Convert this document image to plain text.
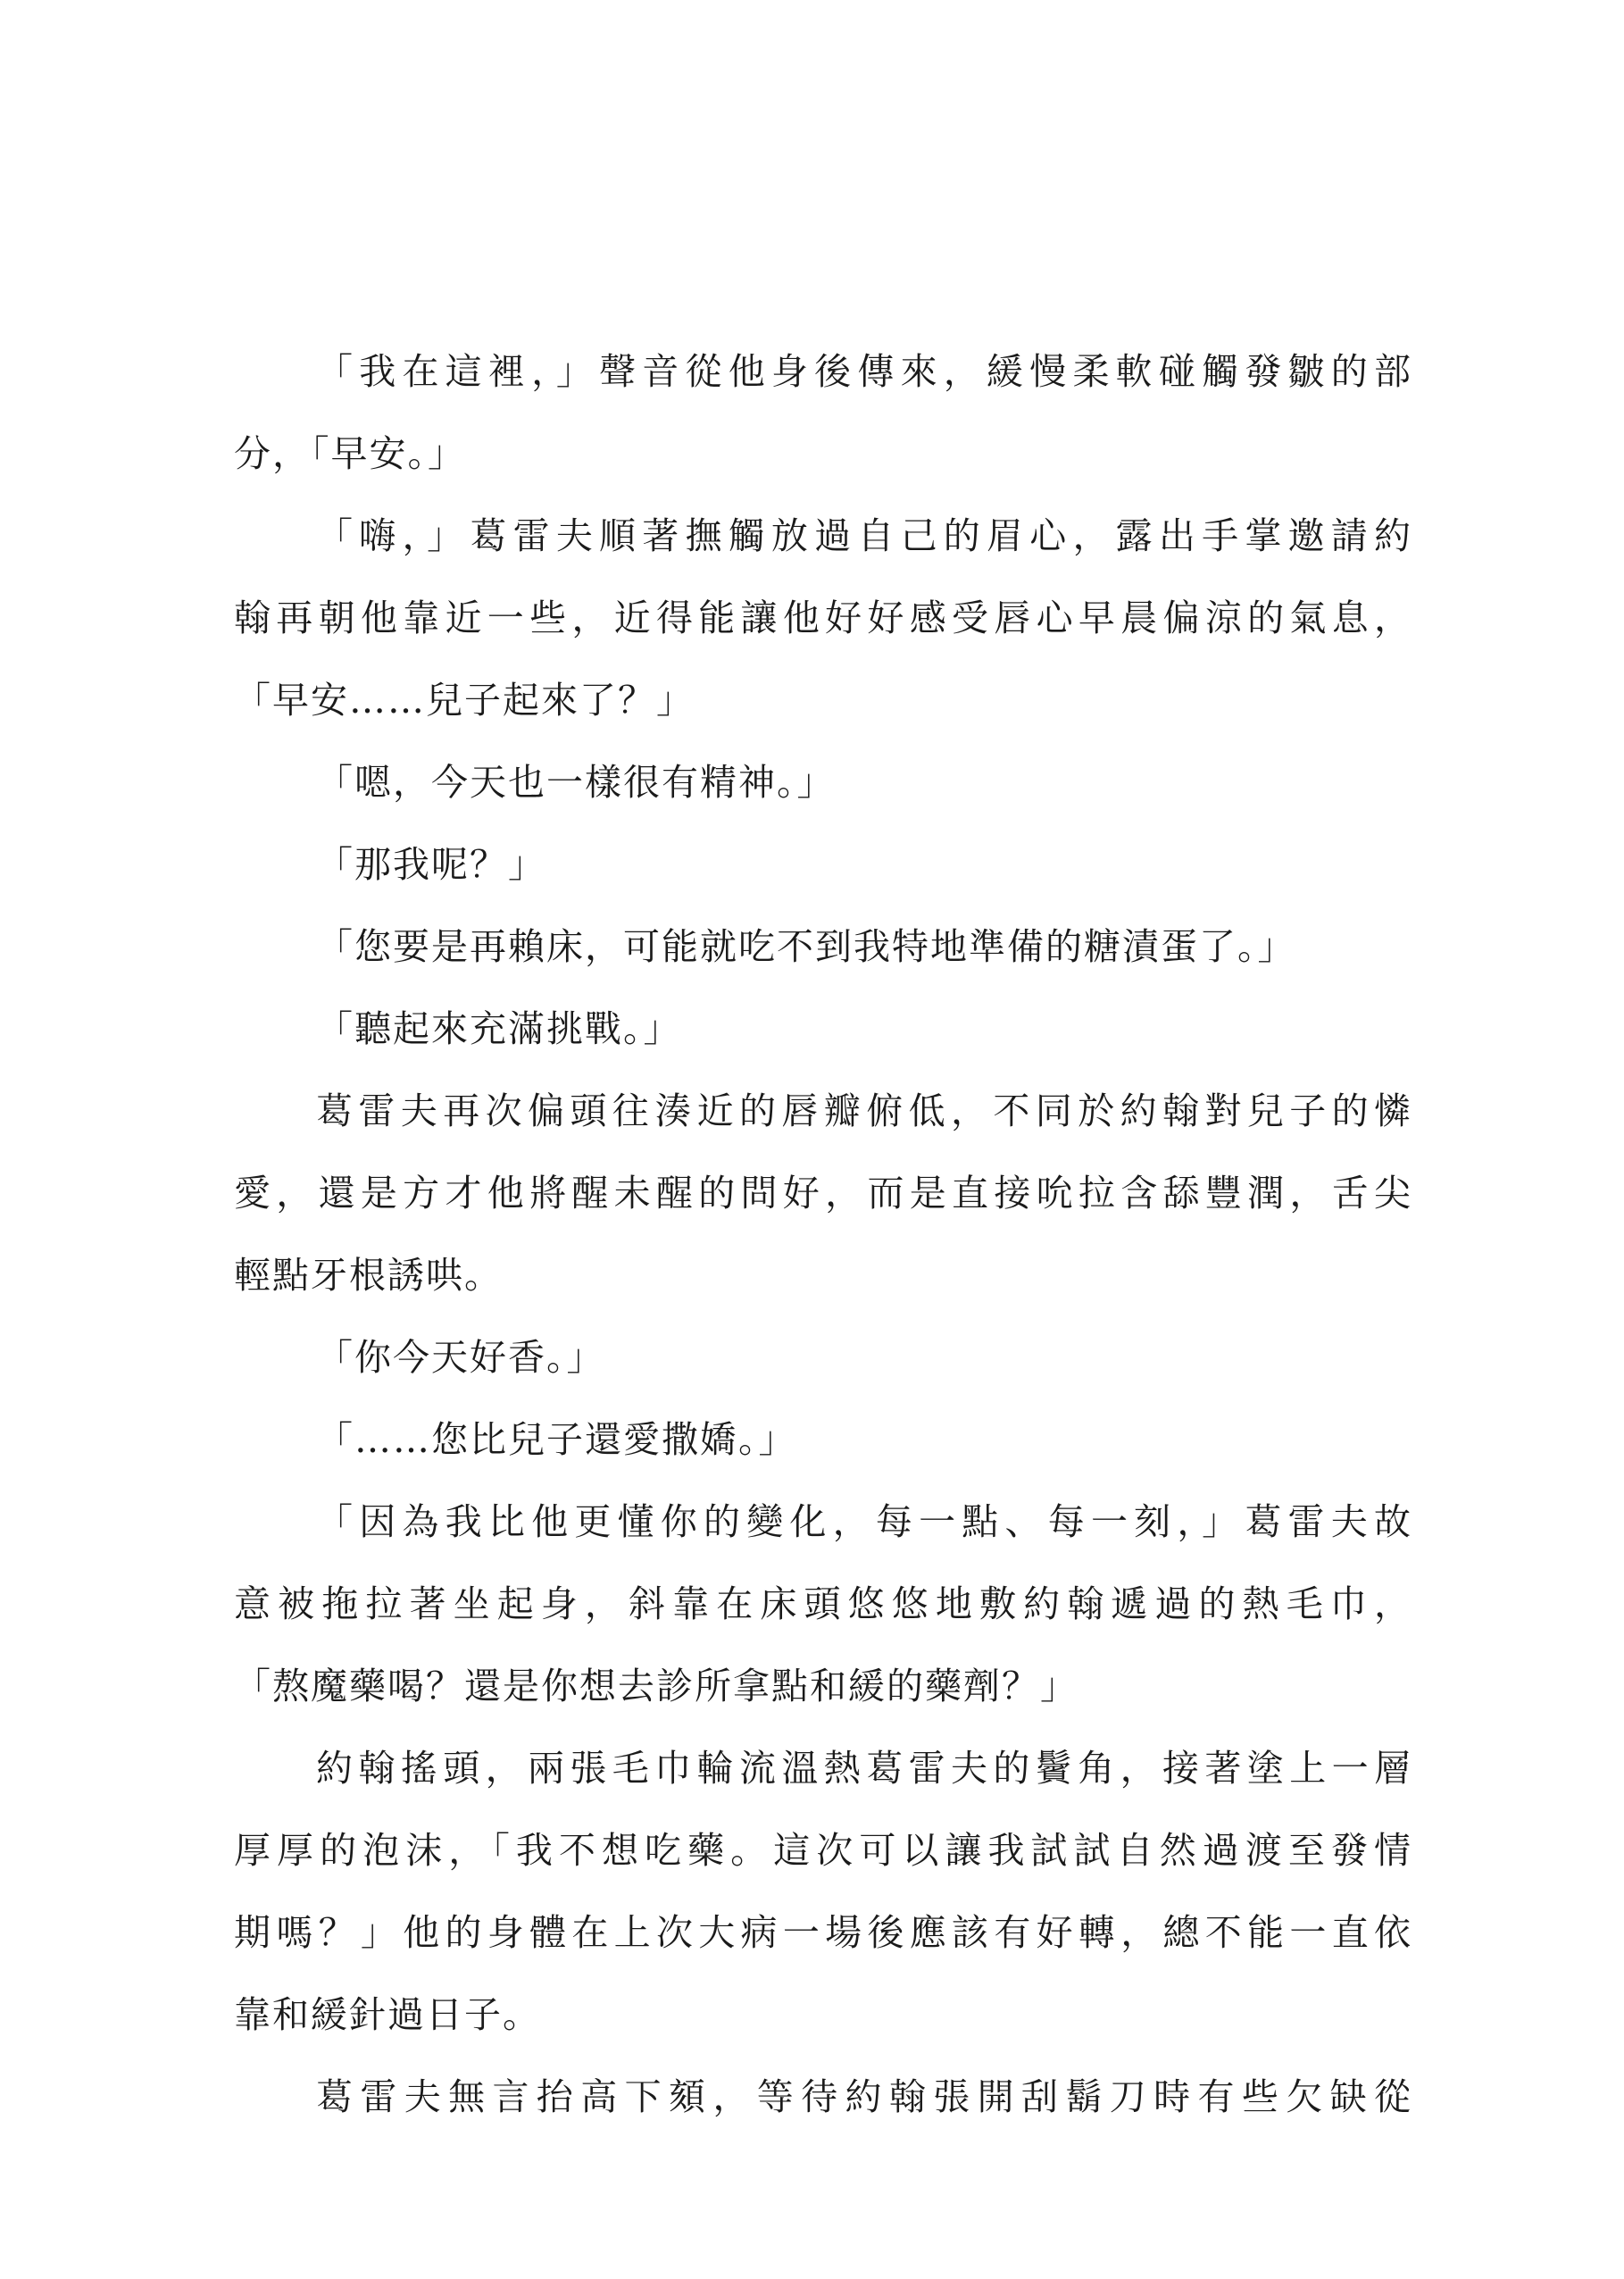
「我在這裡，」聲音從他身後傳來，緩慢柔軟碰觸發皺的部
分，「早安。」
「嗨，」葛雷夫順著撫觸放過自己的眉心，露出手掌邀請約
翰再朝他靠近一些，近得能讓他好好感受唇心早晨偏涼的氣息，
「早安……兒子起來了？」
「嗯，今天也一樣很有精神。」
「那我呢？」
「您要是再賴床，可能就吃不到我特地準備的糖漬蛋了。」
「聽起來充滿挑戰。」
葛雷夫再次偏頭往湊近的唇瓣俯低，不同於約翰對兒子的憐
愛，還是方才他將醒未醒的問好，而是直接吮拉含舔豐潤，舌尖
輕點牙根誘哄。
「你今天好香。」
「……您比兒子還愛撒嬌。」
「因為我比他更懂你的變化，每一點、每一刻，」葛雷夫故
意被拖拉著坐起身，斜靠在床頭悠悠地敷約翰遞過的熱毛巾，
「熬魔藥喝？還是你想去診所拿點和緩的藥劑？」
約翰搖頭，兩張毛巾輪流溫熱葛雷夫的鬢角，接著塗上一層
厚厚的泡沫，「我不想吃藥。這次可以讓我試試自然過渡至發情
期嗎？」他的身體在上次大病一場後應該有好轉，總不能一直依
靠和緩針過日子。
葛雷夫無言抬高下頦，等待約翰張開刮鬍刀時有些欠缺從
